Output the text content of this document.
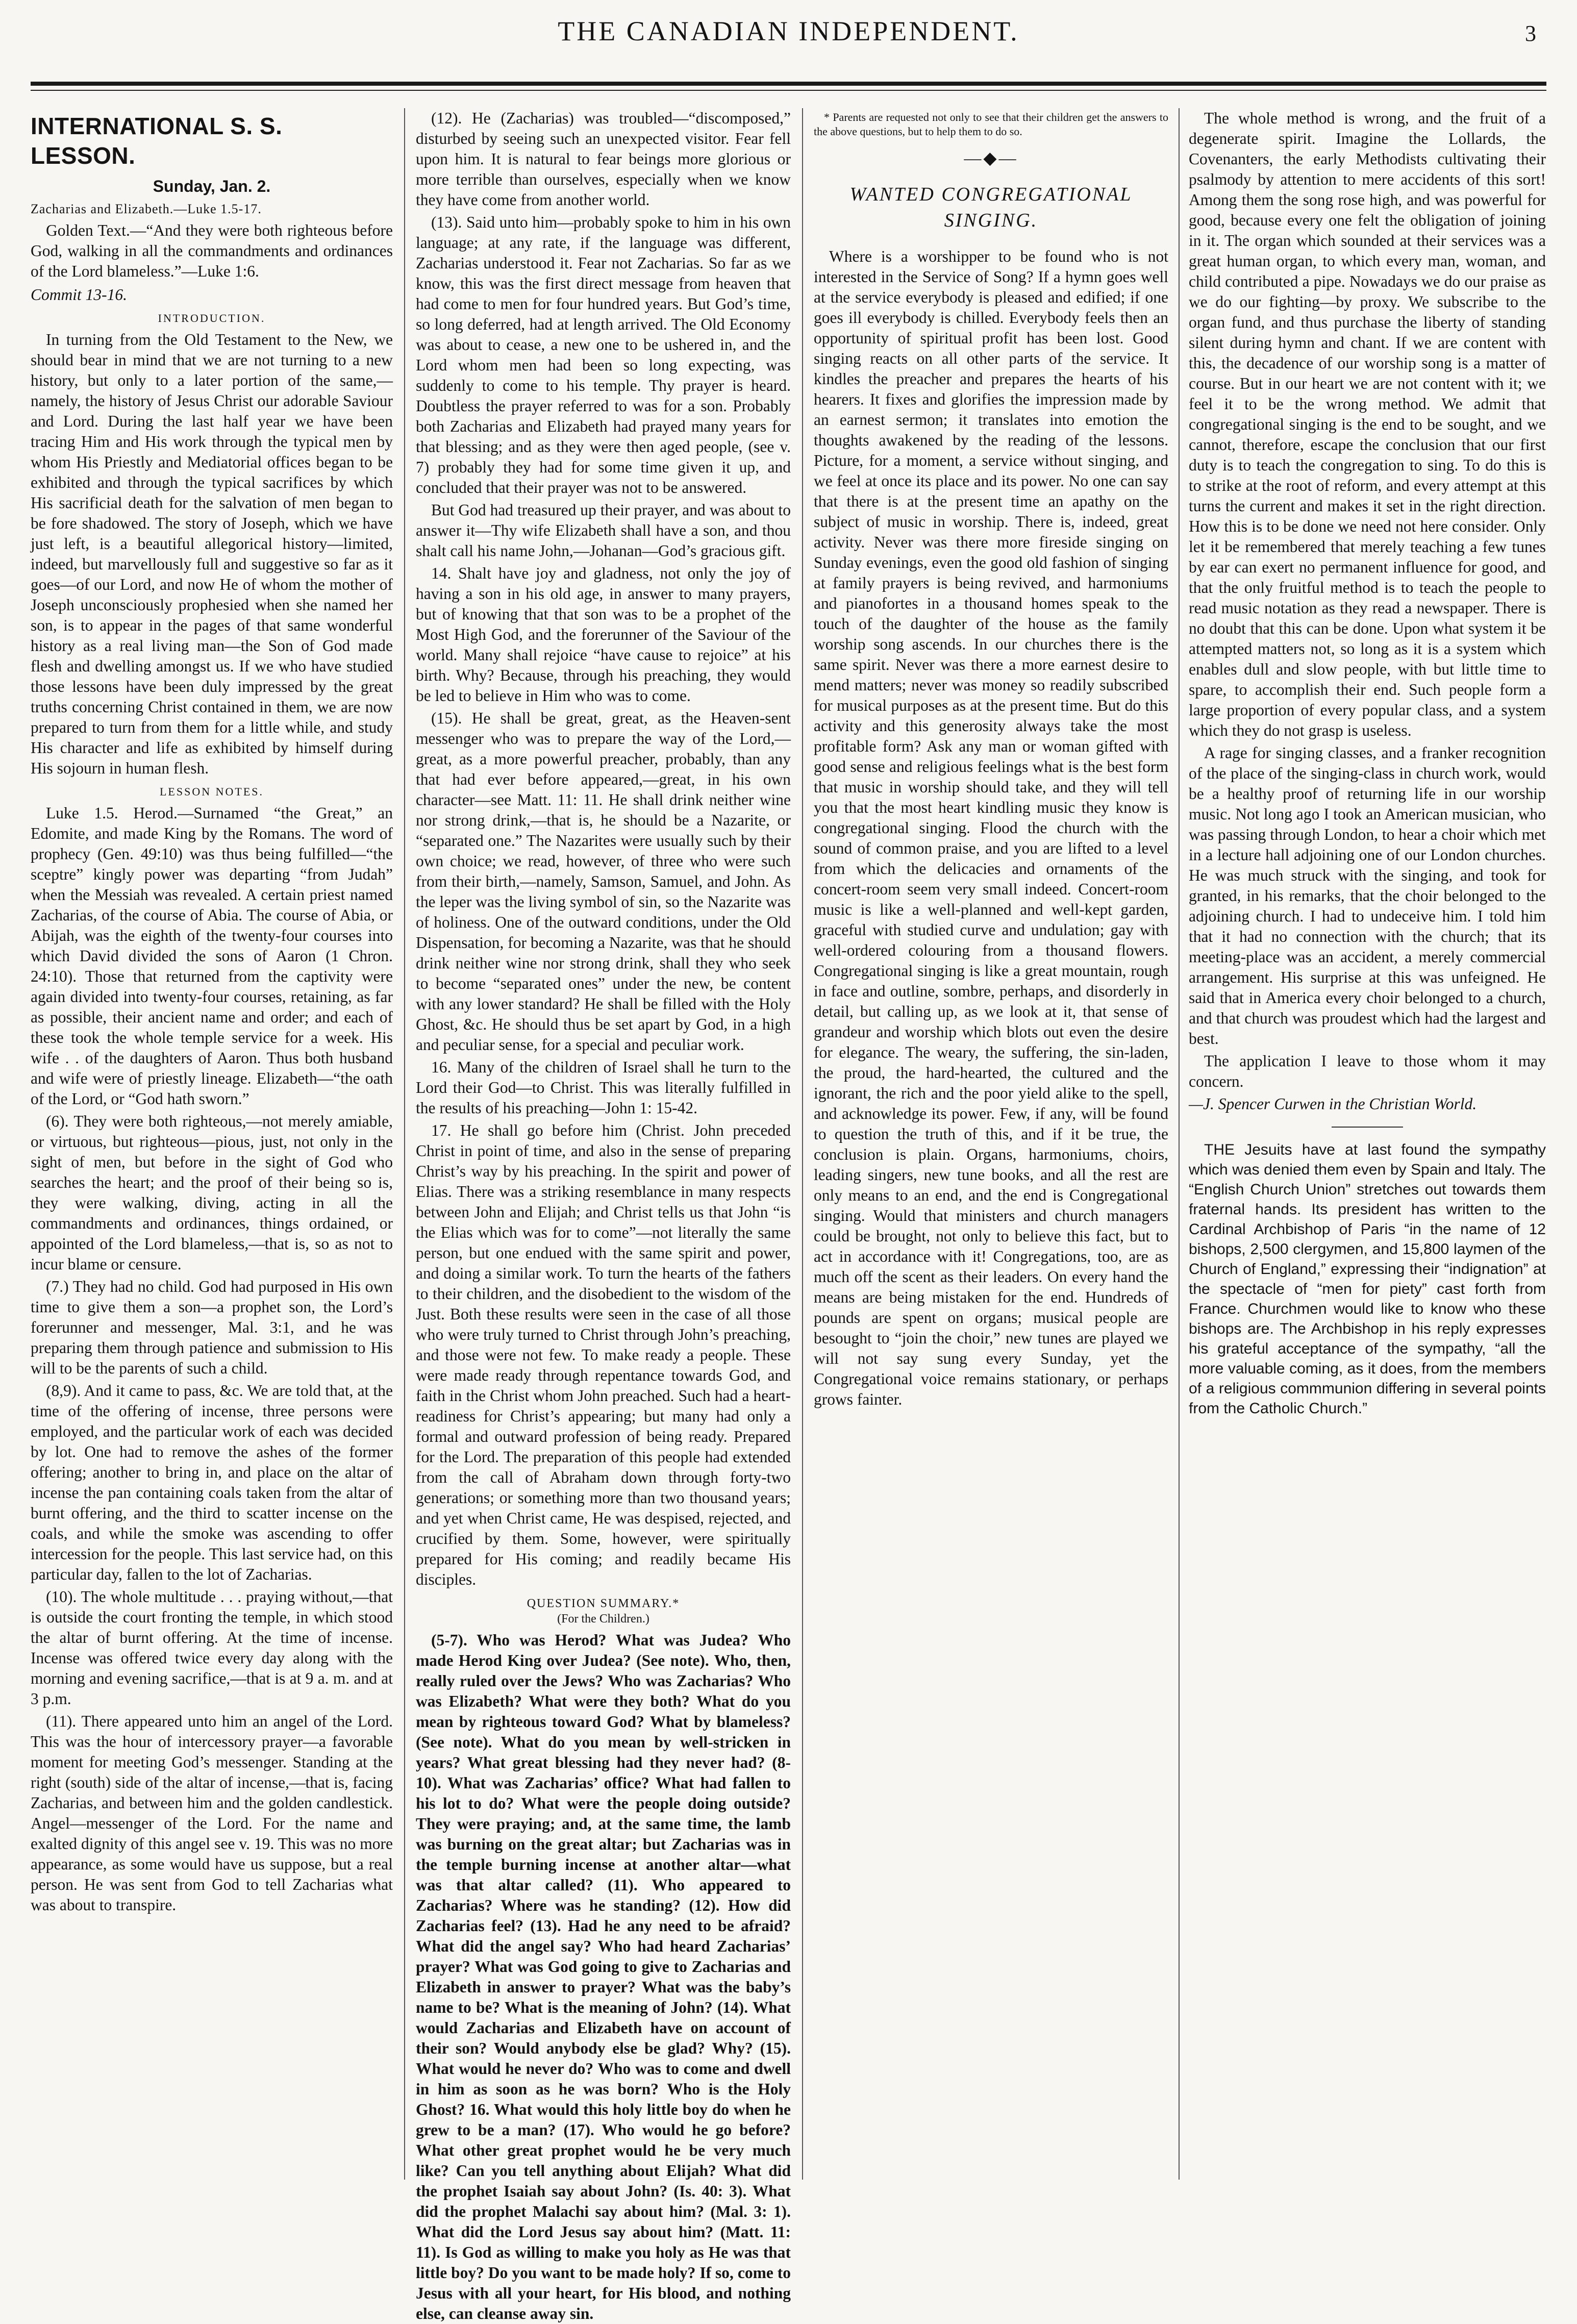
THE CANADIAN INDEPENDENT.	3
INTERNATIONAL S. S. LESSON.
Sunday, Jan. 2.

Zacharias and Elizabeth.—Luke 1.5-17.

Golden Text.—“And they were both righteous before God, walking in all the commandments and ordinances of the Lord blameless.”—Luke 1:6.

Commit 13-16.

INTRODUCTION.

In turning from the Old Testament to the New, we should bear in mind that we are not turning to a new history, but only to a later portion of the same,—namely, the history of Jesus Christ our adorable Saviour and Lord. During the last half year we have been tracing Him and His work through the typical men by whom His Priestly and Mediatorial offices began to be exhibited and through the typical sacrifices by which His sacrificial death for the salvation of men began to be fore shadowed. The story of Joseph, which we have just left, is a beautiful allegorical history—limited, indeed, but marvellously full and suggestive so far as it goes—of our Lord, and now He of whom the mother of Joseph unconsciously prophesied when she named her son, is to appear in the pages of that same wonderful history as a real living man—the Son of God made flesh and dwelling amongst us. If we who have studied those lessons have been duly impressed by the great truths concerning Christ contained in them, we are now prepared to turn from them for a little while, and study His character and life as exhibited by himself during His sojourn in human flesh.

LESSON NOTES.

Luke 1.5. Herod.—Surnamed “the Great,” an Edomite, and made King by the Romans. The word of prophecy (Gen. 49:10) was thus being fulfilled—“the sceptre” kingly power was departing “from Judah” when the Messiah was revealed. A certain priest named Zacharias, of the course of Abia. The course of Abia, or Abijah, was the eighth of the twenty-four courses into which David divided the sons of Aaron (1 Chron. 24:10). Those that returned from the captivity were again divided into twenty-four courses, retaining, as far as possible, their ancient name and order; and each of these took the whole temple service for a week. His wife . . of the daughters of Aaron. Thus both husband and wife were of priestly lineage. Elizabeth—“the oath of the Lord, or “God hath sworn.”

(6). They were both righteous,—not merely amiable, or virtuous, but righteous—pious, just, not only in the sight of men, but before in the sight of God who searches the heart; and the proof of their being so is, they were walking, diving, acting in all the commandments and ordinances, things ordained, or appointed of the Lord blameless,—that is, so as not to incur blame or censure.

(7.) They had no child. God had purposed in His own time to give them a son—a prophet son, the Lord’s forerunner and messenger, Mal. 3:1, and he was preparing them through patience and submission to His will to be the parents of such a child.

(8,9). And it came to pass, &c. We are told that, at the time of the offering of incense, three persons were employed, and the particular work of each was decided by lot. One had to remove the ashes of the former offering; another to bring in, and place on the altar of incense the pan containing coals taken from the altar of burnt offering, and the third to scatter incense on the coals, and while the smoke was ascending to offer intercession for the people. This last service had, on this particular day, fallen to the lot of Zacharias.

(10). The whole multitude . . . praying without,—that is outside the court fronting the temple, in which stood the altar of burnt offering. At the time of incense. Incense was offered twice every day along with the morning and evening sacrifice,—that is at 9 a. m. and at 3 p.m.

(11). There appeared unto him an angel of the Lord. This was the hour of intercessory prayer—a favorable moment for meeting God’s messenger. Standing at the right (south) side of the altar of incense,—that is, facing Zacharias, and between him and the golden candlestick. Angel—messenger of the Lord. For the name and exalted dignity of this angel see v. 19. This was no more appearance, as some would have us suppose, but a real person. He was sent from God to tell Zacharias what was about to transpire.

(12). He (Zacharias) was troubled—“discomposed,” disturbed by seeing such an unexpected visitor. Fear fell upon him. It is natural to fear beings more glorious or more terrible than ourselves, especially when we know they have come from another world.

(13). Said unto him—probably spoke to him in his own language; at any rate, if the language was different, Zacharias understood it. Fear not Zacharias. So far as we know, this was the first direct message from heaven that had come to men for four hundred years. But God’s time, so long deferred, had at length arrived. The Old Economy was about to cease, a new one to be ushered in, and the Lord whom men had been so long expecting, was suddenly to come to his temple. Thy prayer is heard. Doubtless the prayer referred to was for a son. Probably both Zacharias and Elizabeth had prayed many years for that blessing; and as they were then aged people, (see v. 7) probably they had for some time given it up, and concluded that their prayer was not to be answered.

But God had treasured up their prayer, and was about to answer it—Thy wife Elizabeth shall have a son, and thou shalt call his name John,—Johanan—God’s gracious gift.

14. Shalt have joy and gladness, not only the joy of having a son in his old age, in answer to many prayers, but of knowing that that son was to be a prophet of the Most High God, and the forerunner of the Saviour of the world. Many shall rejoice “have cause to rejoice” at his birth. Why? Because, through his preaching, they would be led to believe in Him who was to come.

(15). He shall be great, great, as the Heaven-sent messenger who was to prepare the way of the Lord,—great, as a more powerful preacher, probably, than any that had ever before appeared,—great, in his own character—see Matt. 11: 11. He shall drink neither wine nor strong drink,—that is, he should be a Nazarite, or “separated one.” The Nazarites were usually such by their own choice; we read, however, of three who were such from their birth,—namely, Samson, Samuel, and John. As the leper was the living symbol of sin, so the Nazarite was of holiness. One of the outward conditions, under the Old Dispensation, for becoming a Nazarite, was that he should drink neither wine nor strong drink, shall they who seek to become “separated ones” under the new, be content with any lower standard? He shall be filled with the Holy Ghost, &c. He should thus be set apart by God, in a high and peculiar sense, for a special and peculiar work.

16. Many of the children of Israel shall he turn to the Lord their God—to Christ. This was literally fulfilled in the results of his preaching—John 1: 15-42.

17. He shall go before him (Christ. John preceded Christ in point of time, and also in the sense of preparing Christ’s way by his preaching. In the spirit and power of Elias. There was a striking resemblance in many respects between John and Elijah; and Christ tells us that John “is the Elias which was for to come”—not literally the same person, but one endued with the same spirit and power, and doing a similar work. To turn the hearts of the fathers to their children, and the disobedient to the wisdom of the Just. Both these results were seen in the case of all those who were truly turned to Christ through John’s preaching, and those were not few. To make ready a people. These were made ready through repentance towards God, and faith in the Christ whom John preached. Such had a heart-readiness for Christ’s appearing; but many had only a formal and outward profession of being ready. Prepared for the Lord. The preparation of this people had extended from the call of Abraham down through forty-two generations; or something more than two thousand years; and yet when Christ came, He was despised, rejected, and crucified by them. Some, however, were spiritually prepared for His coming; and readily became His disciples.

QUESTION SUMMARY.*
(For the Children.)

(5-7). Who was Herod? What was Judea? Who made Herod King over Judea? (See note). Who, then, really ruled over the Jews? Who was Zacharias? Who was Elizabeth? What were they both? What do you mean by righteous toward God? What by blameless? (See note). What do you mean by well-stricken in years? What great blessing had they never had? (8-10). What was Zacharias’ office? What had fallen to his lot to do? What were the people doing outside? They were praying; and, at the same time, the lamb was burning on the great altar; but Zacharias was in the temple burning incense at another altar—what was that altar called? (11). Who appeared to Zacharias? Where was he standing? (12). How did Zacharias feel? (13). Had he any need to be afraid? What did the angel say? Who had heard Zacharias’ prayer? What was God going to give to Zacharias and Elizabeth in answer to prayer? What was the baby’s name to be? What is the meaning of John? (14). What would Zacharias and Elizabeth have on account of their son? Would anybody else be glad? Why? (15). What would he never do? Who was to come and dwell in him as soon as he was born? Who is the Holy Ghost? 16. What would this holy little boy do when he grew to be a man? (17). Who would he go before? What other great prophet would he be very much like? Can you tell anything about Elijah? What did the prophet Isaiah say about John? (Is. 40: 3). What did the prophet Malachi say about him? (Mal. 3: 1). What did the Lord Jesus say about him? (Matt. 11: 11). Is God as willing to make you holy as He was that little boy? Do you want to be made holy? If so, come to Jesus with all your heart, for His blood, and nothing else, can cleanse away sin.

* Parents are requested not only to see that their children get the answers to the above questions, but to help them to do so.

—◆—
WANTED CONGREGATIONAL SINGING.

Where is a worshipper to be found who is not interested in the Service of Song? If a hymn goes well at the service everybody is pleased and edified; if one goes ill everybody is chilled. Everybody feels then an opportunity of spiritual profit has been lost. Good singing reacts on all other parts of the service. It kindles the preacher and prepares the hearts of his hearers. It fixes and glorifies the impression made by an earnest sermon; it translates into emotion the thoughts awakened by the reading of the lessons. Picture, for a moment, a service without singing, and we feel at once its place and its power. No one can say that there is at the present time an apathy on the subject of music in worship. There is, indeed, great activity. Never was there more fireside singing on Sunday evenings, even the good old fashion of singing at family prayers is being revived, and harmoniums and pianofortes in a thousand homes speak to the touch of the daughter of the house as the family worship song ascends. In our churches there is the same spirit. Never was there a more earnest desire to mend matters; never was money so readily subscribed for musical purposes as at the present time. But do this activity and this generosity always take the most profitable form? Ask any man or woman gifted with good sense and religious feelings what is the best form that music in worship should take, and they will tell you that the most heart kindling music they know is congregational singing. Flood the church with the sound of common praise, and you are lifted to a level from which the delicacies and ornaments of the concert-room seem very small indeed. Concert-room music is like a well-planned and well-kept garden, graceful with studied curve and undulation; gay with well-ordered colouring from a thousand flowers. Congregational singing is like a great mountain, rough in face and outline, sombre, perhaps, and disorderly in detail, but calling up, as we look at it, that sense of grandeur and worship which blots out even the desire for elegance. The weary, the suffering, the sin-laden, the proud, the hard-hearted, the cultured and the ignorant, the rich and the poor yield alike to the spell, and acknowledge its power. Few, if any, will be found to question the truth of this, and if it be true, the conclusion is plain. Organs, harmoniums, choirs, leading singers, new tune books, and all the rest are only means to an end, and the end is Congregational singing. Would that ministers and church managers could be brought, not only to believe this fact, but to act in accordance with it! Congregations, too, are as much off the scent as their leaders. On every hand the means are being mistaken for the end. Hundreds of pounds are spent on organs; musical people are besought to “join the choir,” new tunes are played we will not say sung every Sunday, yet the Congregational voice remains stationary, or perhaps grows fainter.

The whole method is wrong, and the fruit of a degenerate spirit. Imagine the Lollards, the Covenanters, the early Methodists cultivating their psalmody by attention to mere accidents of this sort! Among them the song rose high, and was powerful for good, because every one felt the obligation of joining in it. The organ which sounded at their services was a great human organ, to which every man, woman, and child contributed a pipe. Nowadays we do our praise as we do our fighting—by proxy. We subscribe to the organ fund, and thus purchase the liberty of standing silent during hymn and chant. If we are content with this, the decadence of our worship song is a matter of course. But in our heart we are not content with it; we feel it to be the wrong method. We admit that congregational singing is the end to be sought, and we cannot, therefore, escape the conclusion that our first duty is to teach the congregation to sing. To do this is to strike at the root of reform, and every attempt at this turns the current and makes it set in the right direction. How this is to be done we need not here consider. Only let it be remembered that merely teaching a few tunes by ear can exert no permanent influence for good, and that the only fruitful method is to teach the people to read music notation as they read a newspaper. There is no doubt that this can be done. Upon what system it be attempted matters not, so long as it is a system which enables dull and slow people, with but little time to spare, to accomplish their end. Such people form a large proportion of every popular class, and a system which they do not grasp is useless.

A rage for singing classes, and a franker recognition of the place of the singing-class in church work, would be a healthy proof of returning life in our worship music. Not long ago I took an American musician, who was passing through London, to hear a choir which met in a lecture hall adjoining one of our London churches. He was much struck with the singing, and took for granted, in his remarks, that the choir belonged to the adjoining church. I had to undeceive him. I told him that it had no connection with the church; that its meeting-place was an accident, a merely commercial arrangement. His surprise at this was unfeigned. He said that in America every choir belonged to a church, and that church was proudest which had the largest and best.

The application I leave to those whom it may concern.

—J. Spencer Curwen in the Christian World.

THE Jesuits have at last found the sympathy which was denied them even by Spain and Italy. The “English Church Union” stretches out towards them fraternal hands. Its president has written to the Cardinal Archbishop of Paris “in the name of 12 bishops, 2,500 clergymen, and 15,800 laymen of the Church of England,” expressing their “indignation” at the spectacle of “men for piety” cast forth from France. Churchmen would like to know who these bishops are. The Archbishop in his reply expresses his grateful acceptance of the sympathy, “all the more valuable coming, as it does, from the members of a religious commmunion differing in several points from the Catholic Church.”
